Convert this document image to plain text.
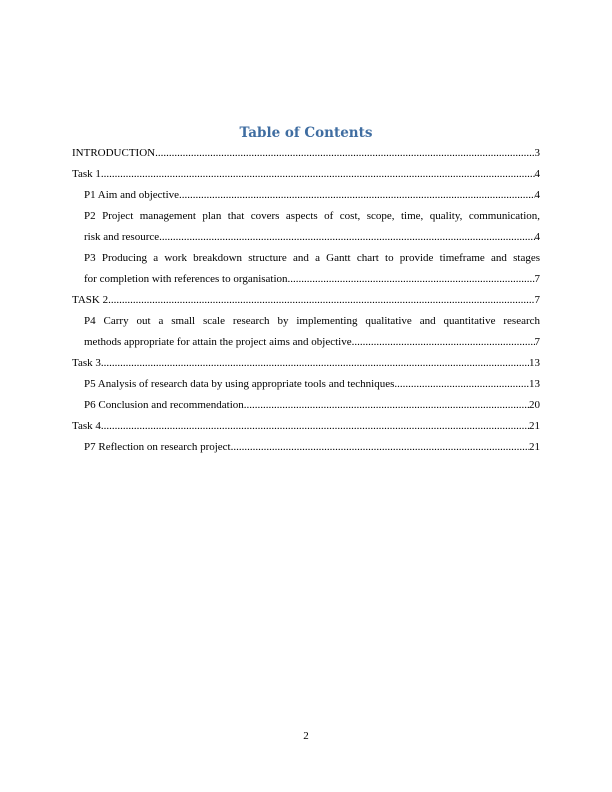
Table of Contents
INTRODUCTION .....	3
Task 1 .....	4
P1 Aim and objective .....	4
P2 Project management plan that covers aspects of cost, scope, time, quality, communication,
risk and resource .....	4
P3 Producing a work breakdown structure and a Gantt chart to provide timeframe and stages
for completion with references to organisation .....	7
TASK 2 .....	7
P4 Carry out a small scale research by implementing qualitative and quantitative research
methods appropriate for attain the project aims and objective .....	7
Task 3 .....	13
P5 Analysis of research data by using appropriate tools and techniques .....	13
P6 Conclusion and recommendation .....	20
Task 4 .....	21
P7 Reflection on research project .....	21
2
